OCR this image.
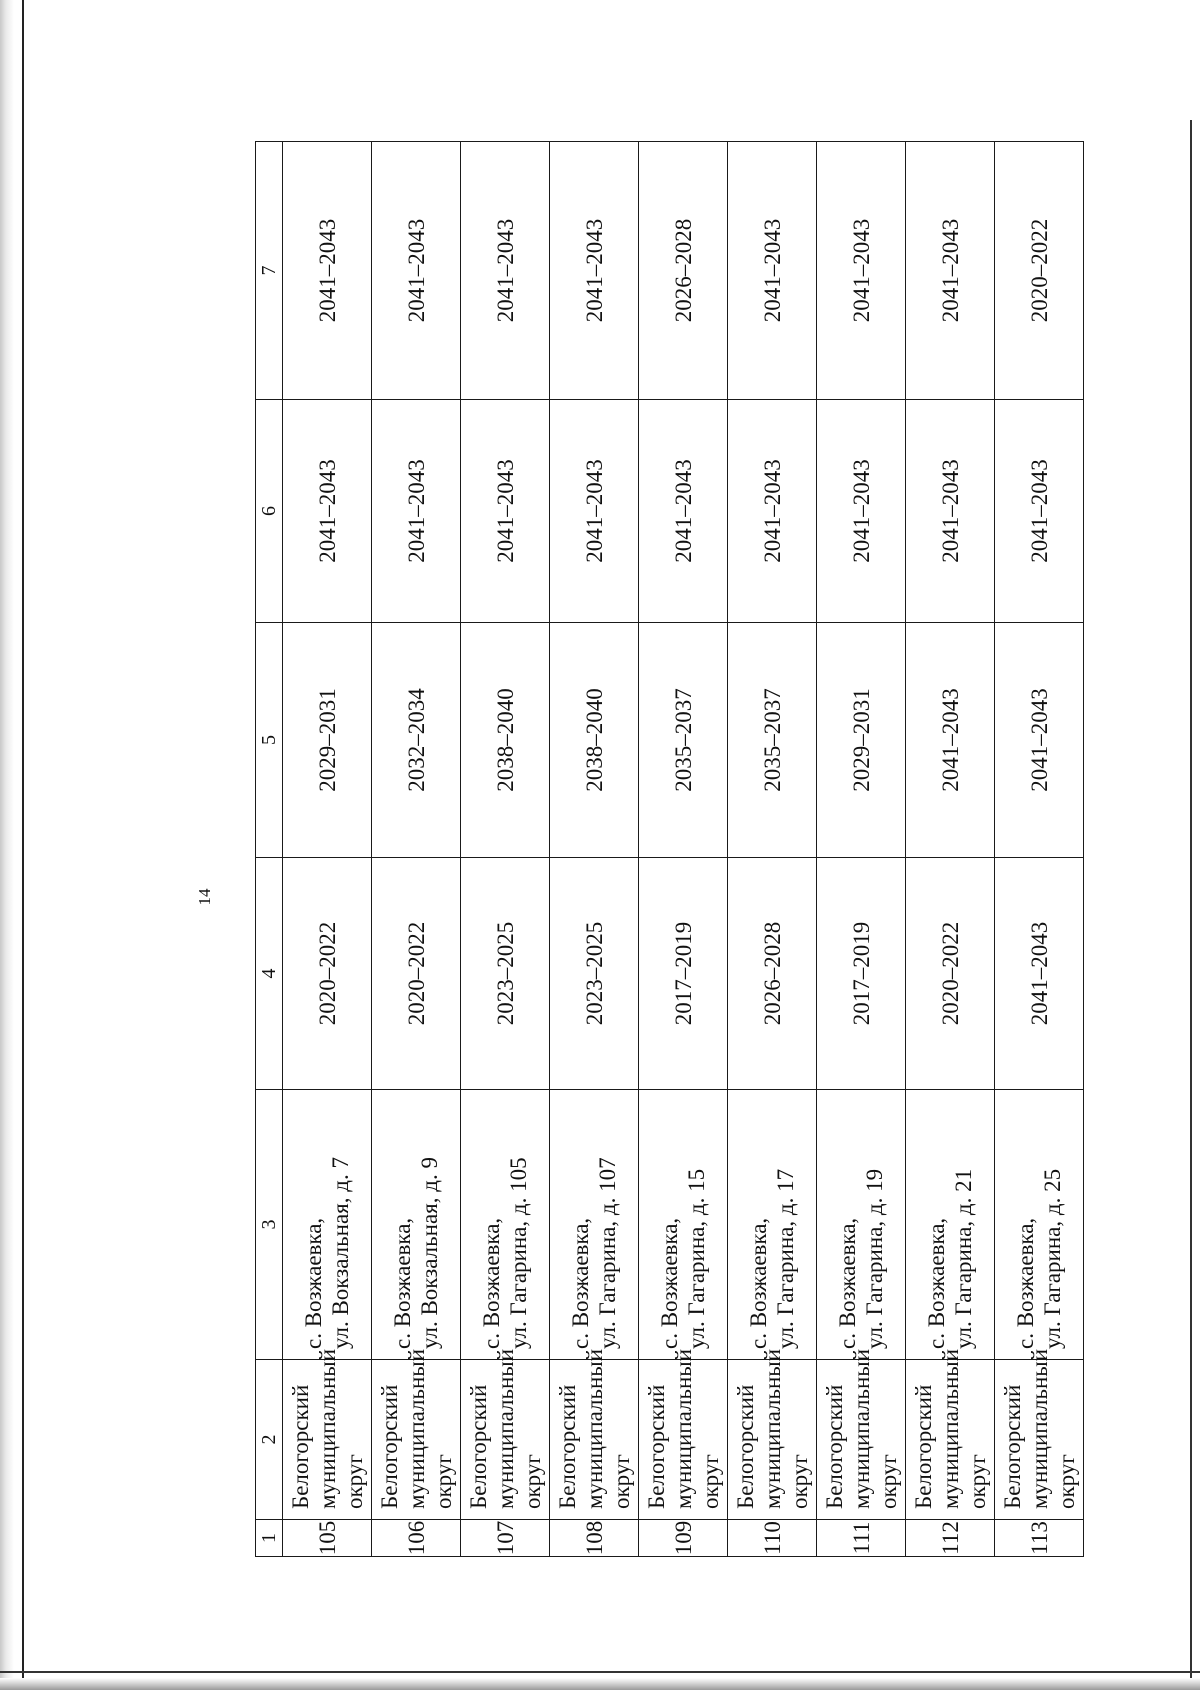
14
1	2	3	4	5	6	7
105	Белогорский
муниципальный
округ	с. Возжаевка,
ул. Вокзальная, д. 7	2020–2022	2029–2031	2041–2043	2041–2043
106	Белогорский
муниципальный
округ	с. Возжаевка,
ул. Вокзальная, д. 9	2020–2022	2032–2034	2041–2043	2041–2043
107	Белогорский
муниципальный
округ	с. Возжаевка,
ул. Гагарина, д. 105	2023–2025	2038–2040	2041–2043	2041–2043
108	Белогорский
муниципальный
округ	с. Возжаевка,
ул. Гагарина, д. 107	2023–2025	2038–2040	2041–2043	2041–2043
109	Белогорский
муниципальный
округ	с. Возжаевка,
ул. Гагарина, д. 15	2017–2019	2035–2037	2041–2043	2026–2028
110	Белогорский
муниципальный
округ	с. Возжаевка,
ул. Гагарина, д. 17	2026–2028	2035–2037	2041–2043	2041–2043
111	Белогорский
муниципальный
округ	с. Возжаевка,
ул. Гагарина, д. 19	2017–2019	2029–2031	2041–2043	2041–2043
112	Белогорский
муниципальный
округ	с. Возжаевка,
ул. Гагарина, д. 21	2020–2022	2041–2043	2041–2043	2041–2043
113	Белогорский
муниципальный
округ	с. Возжаевка,
ул. Гагарина, д. 25	2041–2043	2041–2043	2041–2043	2020–2022
